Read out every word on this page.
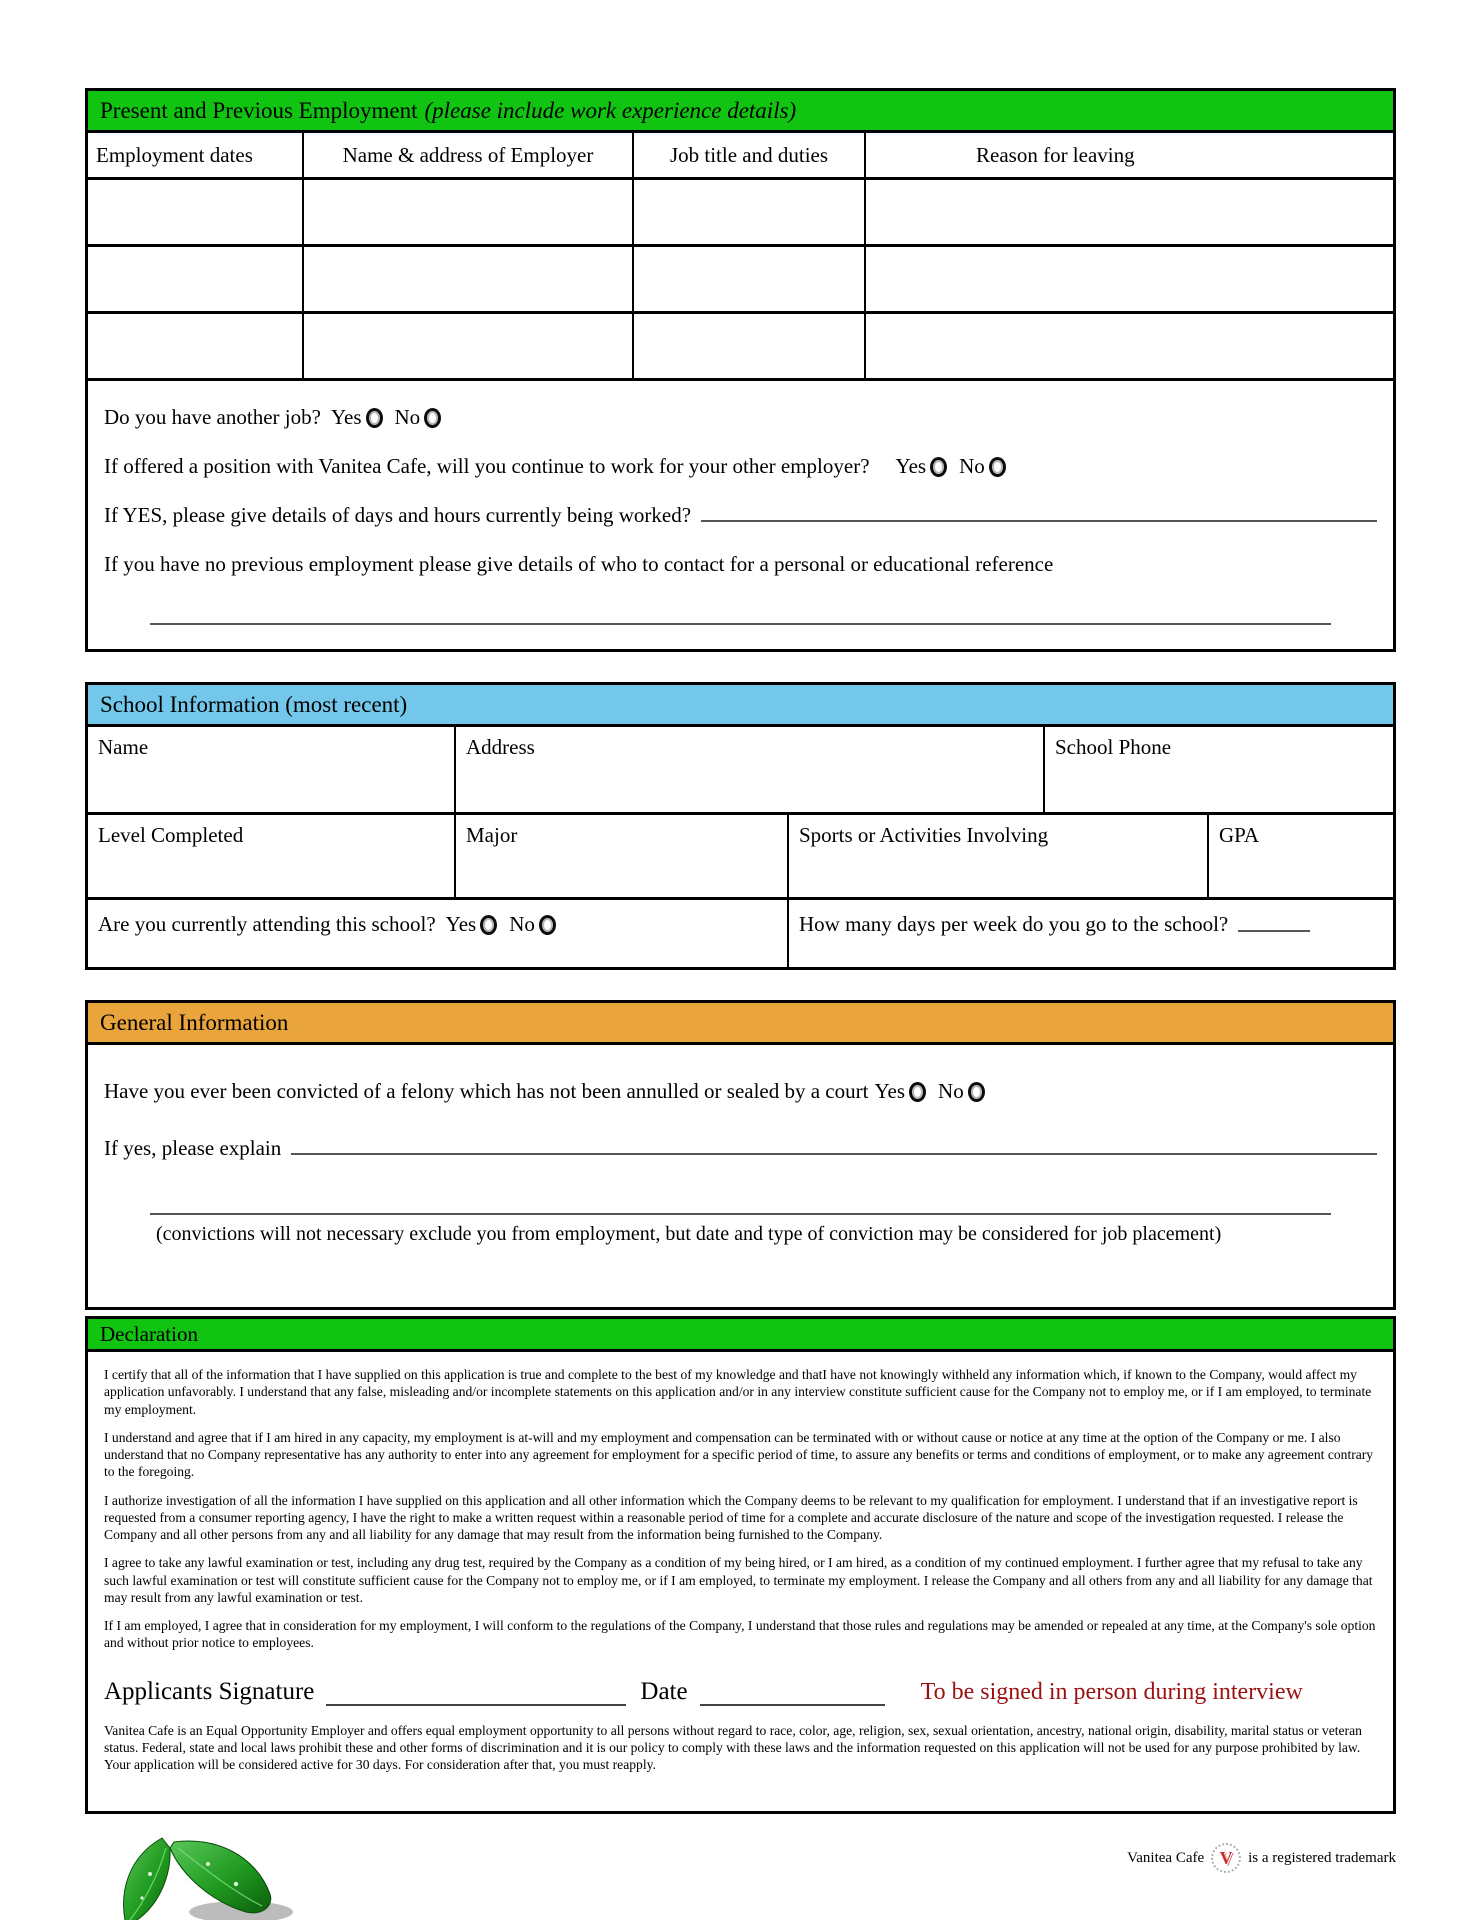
Present and Previous Employment (please include work experience details)
Employment dates	Name & address of Employer	Job title and duties	Reason for leaving
Do you have another job? Yes No
If offered a position with Vanitea Cafe, will you continue to work for your other employer? Yes No
If YES, please give details of days and hours currently being worked?
If you have no previous employment please give details of who to contact for a personal or educational reference
School Information (most recent)
Name	Address	School Phone
Level Completed	Major	Sports or Activities Involving	GPA
Are you currently attending this school? Yes No	How many days per week do you go to the school?
General Information
Have you ever been convicted of a felony which has not been annulled or sealed by a court Yes No
If yes, please explain
(convictions will not necessary exclude you from employment, but date and type of conviction may be considered for job placement)
Declaration

I certify that all of the information that I have supplied on this application is true and complete to the best of my knowledge and thatI have not knowingly withheld any information which, if known to the Company, would affect my application unfavorably. I understand that any false, misleading and/or incomplete statements on this application and/or in any interview constitute sufficient cause for the Company not to employ me, or if I am employed, to terminate my employment.

I understand and agree that if I am hired in any capacity, my employment is at-will and my employment and compensation can be terminated with or without cause or notice at any time at the option of the Company or me. I also understand that no Company representative has any authority to enter into any agreement for employment for a specific period of time, to assure any benefits or terms and conditions of employment, or to make any agreement contrary to the foregoing.

I authorize investigation of all the information I have supplied on this application and all other information which the Company deems to be relevant to my qualification for employment. I understand that if an investigative report is requested from a consumer reporting agency, I have the right to make a written request within a reasonable period of time for a complete and accurate disclosure of the nature and scope of the investigation requested. I release the Company and all other persons from any and all liability for any damage that may result from the information being furnished to the Company.

I agree to take any lawful examination or test, including any drug test, required by the Company as a condition of my being hired, or I am hired, as a condition of my continued employment. I further agree that my refusal to take any such lawful examination or test will constitute sufficient cause for the Company not to employ me, or if I am employed, to terminate my employment. I release the Company and all others from any and all liability for any damage that may result from any lawful examination or test.

If I am employed, I agree that in consideration for my employment, I will conform to the regulations of the Company, I understand that those rules and regulations may be amended or repealed at any time, at the Company's sole option and without prior notice to employees.

Applicants Signature
	Date
	To be signed in person during interview
Vanitea Cafe is an Equal Opportunity Employer and offers equal employment opportunity to all persons without regard to race, color, age, religion, sex, sexual orientation, ancestry, national origin, disability, marital status or veteran status. Federal, state and local laws prohibit these and other forms of discrimination and it is our policy to comply with these laws and the information requested on this application will not be used for any purpose prohibited by law. Your application will be considered active for 30 days. For consideration after that, you must reapply.
Vanitea Cafe V is a registered trademark
